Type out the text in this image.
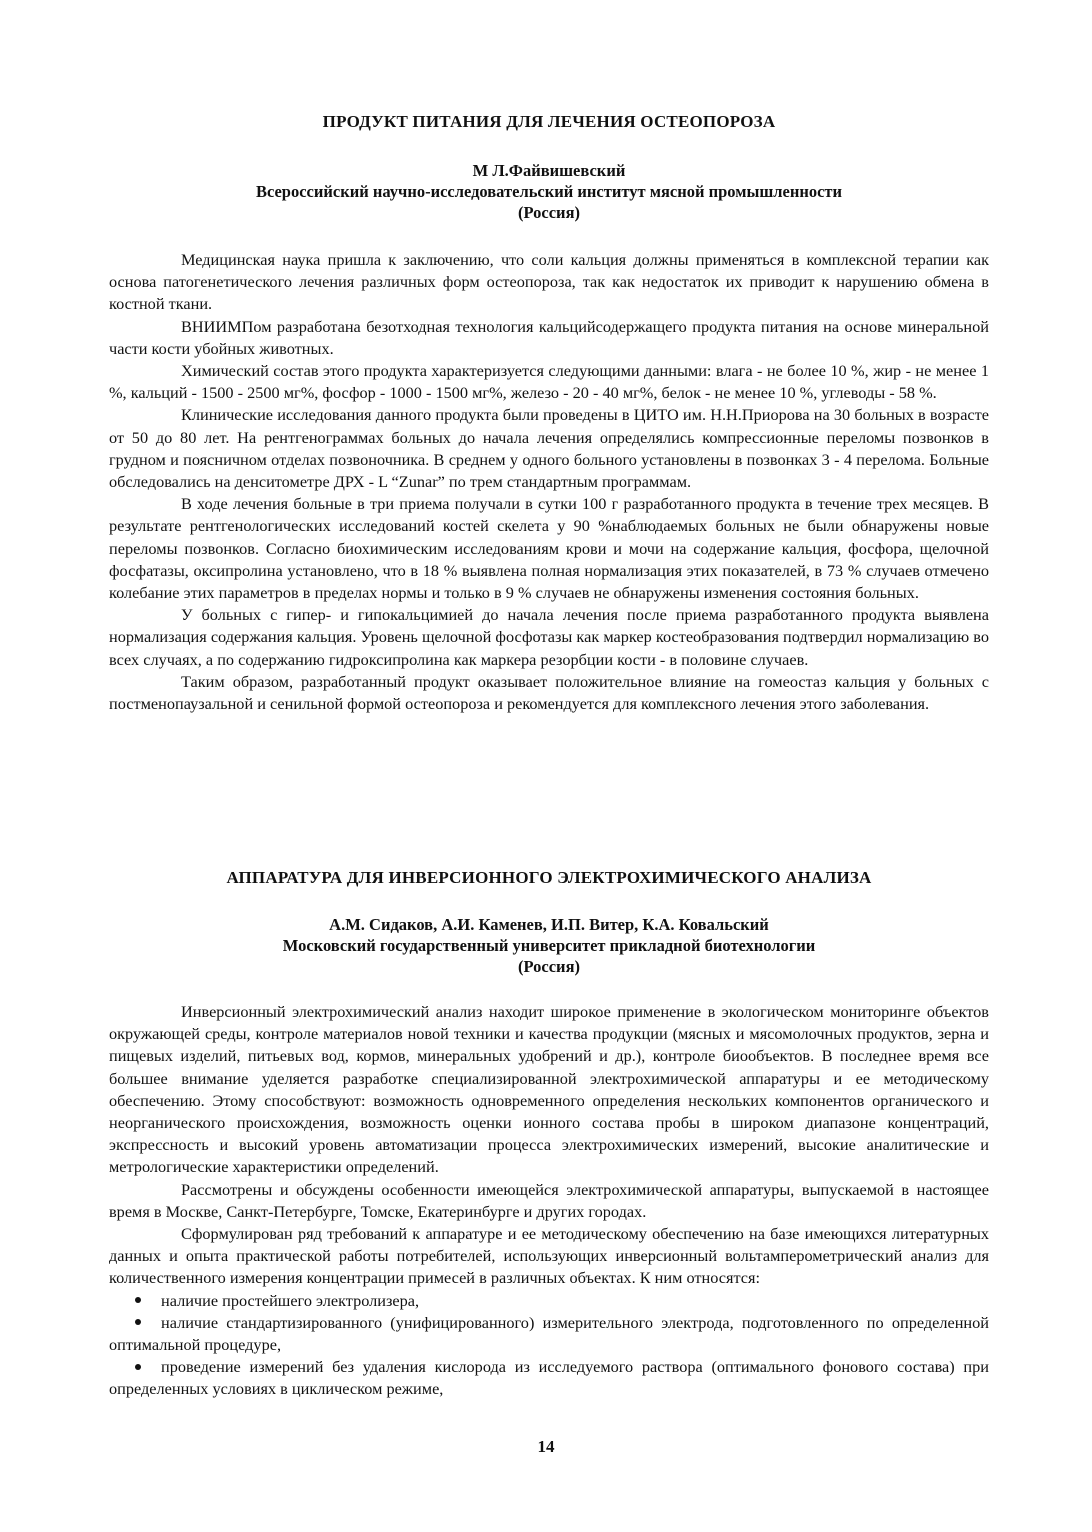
ПРОДУКТ ПИТАНИЯ ДЛЯ ЛЕЧЕНИЯ ОСТЕОПОРОЗА
М Л.Файвишевский
Всероссийский научно-исследовательский институт мясной промышленности
(Россия)

Медицинская наука пришла к заключению, что соли кальция должны применяться в комплексной терапии как основа патогенетического лечения различных форм остеопороза, так как недостаток их приводит к нарушению обмена в костной ткани.

ВНИИМПом разработана безотходная технология кальцийсодержащего продукта питания на основе минеральной части кости убойных животных.

Химический состав этого продукта характеризуется следующими данными: влага - не более 10 %, жир - не менее 1 %, кальций - 1500 - 2500 мг%, фосфор - 1000 - 1500 мг%, железо - 20 - 40 мг%, белок - не менее 10 %, углеводы - 58 %.

Клинические исследования данного продукта были проведены в ЦИТО им. Н.Н.Приорова на 30 больных в возрасте от 50 до 80 лет. На рентгенограммах больных до начала лечения определялись компрессионные переломы позвонков в грудном и поясничном отделах позвоночника. В среднем у одного больного установлены в позвонках 3 - 4 перелома. Больные обследовались на денситометре ДРХ - L “Zunar” по трем стандартным программам.

В ходе лечения больные в три приема получали в сутки 100 г разработанного продукта в течение трех месяцев. В результате рентгенологических исследований костей скелета у 90 %наблюдаемых больных не были обнаружены новые переломы позвонков. Согласно биохимическим исследованиям крови и мочи на содержание кальция, фосфора, щелочной фосфатазы, оксипролина установлено, что в 18 % выявлена полная нормализация этих показателей, в 73 % случаев отмечено колебание этих параметров в пределах нормы и только в 9 % случаев не обнаружены изменения состояния больных.

У больных с гипер- и гипокальцимией до начала лечения после приема разработанного продукта выявлена нормализация содержания кальция. Уровень щелочной фосфотазы как маркер костеобразования подтвердил нормализацию во всех случаях, а по содержанию гидроксипролина как маркера резорбции кости - в половине случаев.

Таким образом, разработанный продукт оказывает положительное влияние на гомеостаз кальция у больных с постменопаузальной и сенильной формой остеопороза и рекомендуется для комплексного лечения этого заболевания.

АППАРАТУРА ДЛЯ ИНВЕРСИОННОГО ЭЛЕКТРОХИМИЧЕСКОГО АНАЛИЗА
А.М. Сидаков, А.И. Каменев, И.П. Витер, К.А. Ковальский
Московский государственный университет прикладной биотехнологии
(Россия)

Инверсионный электрохимический анализ находит широкое применение в экологическом мониторинге объектов окружающей среды, контроле материалов новой техники и качества продукции (мясных и мясомолочных продуктов, зерна и пищевых изделий, питьевых вод, кормов, минеральных удобрений и др.), контроле биообъектов. В последнее время все большее внимание уделяется разработке специализированной электрохимической аппаратуры и ее методическому обеспечению. Этому способствуют: возможность одновременного определения нескольких компонентов органического и неорганического происхождения, возможность оценки ионного состава пробы в широком диапазоне концентраций, экспрессность и высокий уровень автоматизации процесса электрохимических измерений, высокие аналитические и метрологические характеристики определений.

Рассмотрены и обсуждены особенности имеющейся электрохимической аппаратуры, выпускаемой в настоящее время в Москве, Санкт-Петербурге, Томске, Екатеринбурге и других городах.

Сформулирован ряд требований к аппаратуре и ее методическому обеспечению на базе имеющихся литературных данных и опыта практической работы потребителей, использующих инверсионный вольтамперометрический анализ для количественного измерения концентрации примесей в различных объектах. К ним относятся:

наличие простейшего электролизера,
наличие стандартизированного (унифицированного) измерительного электрода, подготовленного по определенной оптимальной процедуре,
проведение измерений без удаления кислорода из исследуемого раствора (оптимального фонового состава) при определенных условиях в циклическом режиме,
14
